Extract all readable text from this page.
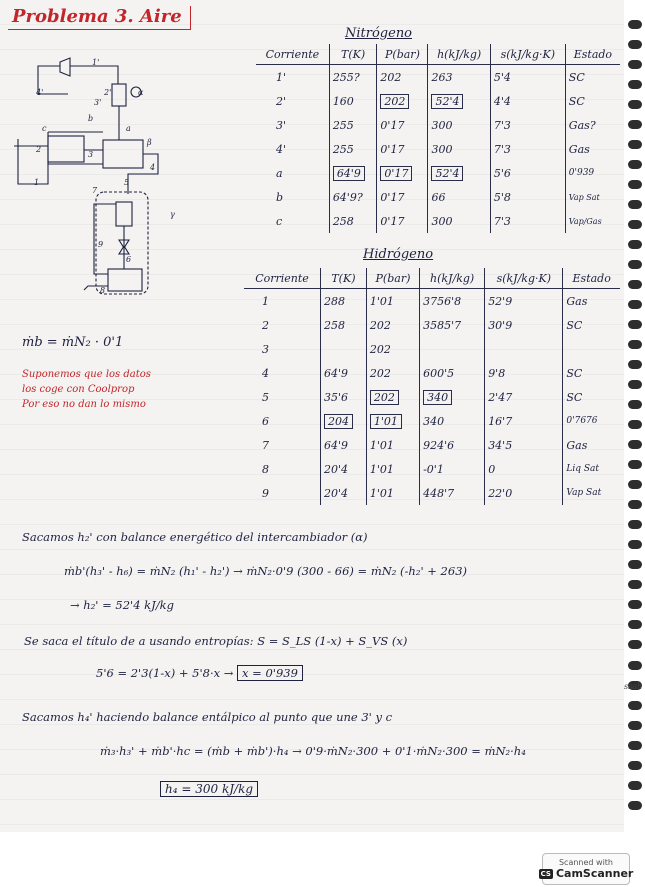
Problema 3. Aire
1'
2'
3'
4'
a
b
c
1
2
3
4
5
6
7
8
9
α
β
γ
Nitrógeno
Corriente	T(K)	P(bar)	h(kJ/kg)	s(kJ/kg·K)	Estado
1'	255?	202	263	5'4	SC
2'	160	202	52'4	4'4	SC
3'	255	0'17	300	7'3	Gas?
4'	255	0'17	300	7'3	Gas
a	64'9	0'17	52'4	5'6	0'939
b	64'9?	0'17	66	5'8	Vap Sat
c	258	0'17	300	7'3	Vap/Gas
Hidrógeno
Corriente	T(K)	P(bar)	h(kJ/kg)	s(kJ/kg·K)	Estado
1	288	1'01	3756'8	52'9	Gas
2	258	202	3585'7	30'9	SC
3		202			
4	64'9	202	600'5	9'8	SC
5	35'6	202	340	2'47	SC
6	204	1'01	340	16'7	0'7676
7	64'9	1'01	924'6	34'5	Gas
8	20'4	1'01	-0'1	0	Liq Sat
9	20'4	1'01	448'7	22'0	Vap Sat
ṁb = ṁN₂ · 0'1
Suponemos que los datos
los coge con Coolprop
Por eso no dan lo mismo
Sacamos h₂' con balance energético del intercambiador (α)
ṁb'(h₃' - h₆) = ṁN₂ (h₁' - h₂') → ṁN₂·0'9 (300 - 66) = ṁN₂ (-h₂' + 263)
→ h₂' = 52'4 kJ/kg
Se saca el título de a usando entropías: S = S_LS (1-x) + S_VS (x)
5'6 = 2'3(1-x) + 5'8·x → x = 0'939
Sacamos h₄' haciendo balance entálpico al punto que une 3' y c
ṁ₃·h₃' + ṁb'·hc = (ṁb + ṁb')·h₄ → 0'9·ṁN₂·300 + 0'1·ṁN₂·300 = ṁN₂·h₄
h₄ = 300 kJ/kg
ssah
Scanned with
CS CamScanner
